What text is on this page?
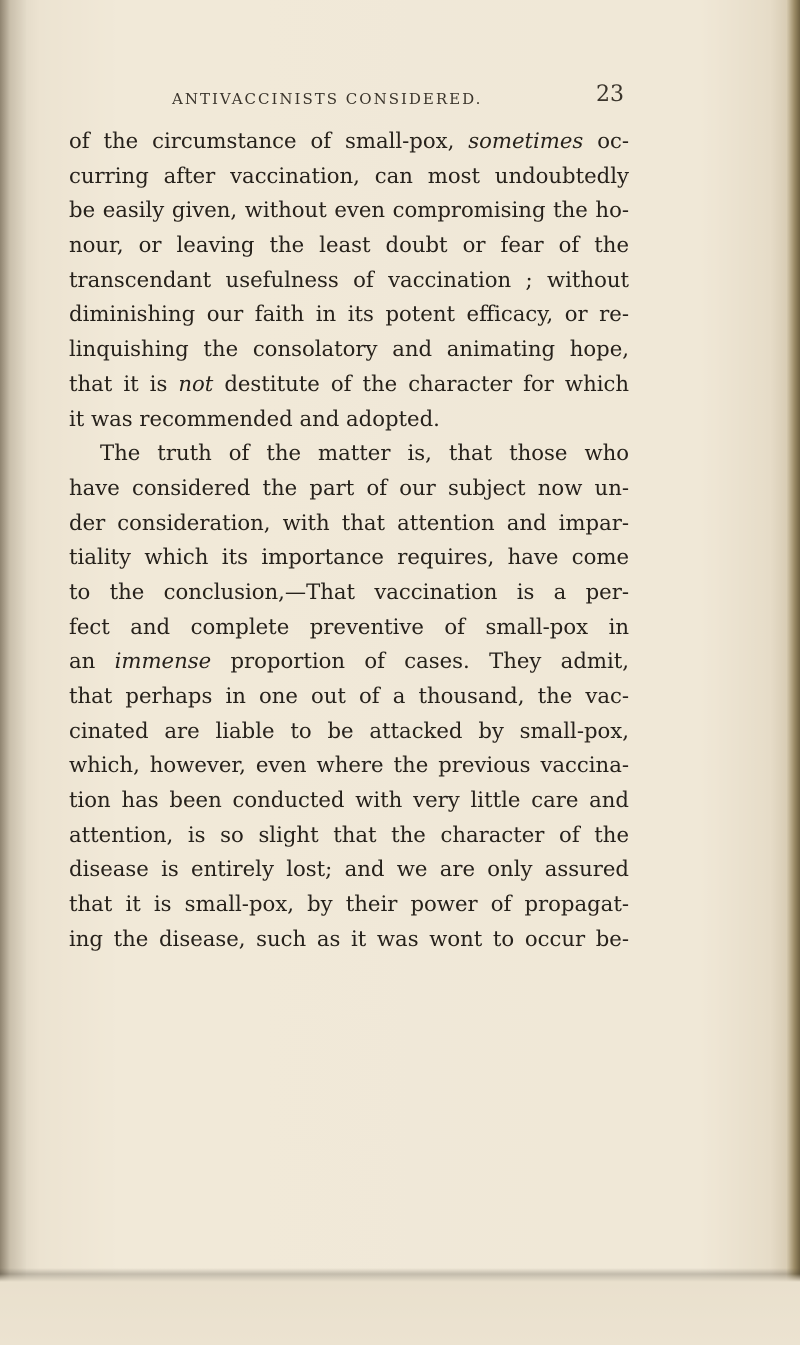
ANTIVACCINISTS CONSIDERED.	23
of the circumstance of small-pox, sometimes oc-
curring after vaccination, can most undoubtedly
be easily given, without even compromising the ho-
nour, or leaving the least doubt or fear of the
transcendant usefulness of vaccination ; without
diminishing our faith in its potent efficacy, or re-
linquishing the consolatory and animating hope,
that it is not destitute of the character for which
it was recommended and adopted.
The truth of the matter is, that those who
have considered the part of our subject now un-
der consideration, with that attention and impar-
tiality which its importance requires, have come
to the conclusion,—That vaccination is a per-
fect and complete preventive of small-pox in
an immense proportion of cases. They admit,
that perhaps in one out of a thousand, the vac-
cinated are liable to be attacked by small-pox,
which, however, even where the previous vaccina-
tion has been conducted with very little care and
attention, is so slight that the character of the
disease is entirely lost; and we are only assured
that it is small-pox, by their power of propagat-
ing the disease, such as it was wont to occur be-
